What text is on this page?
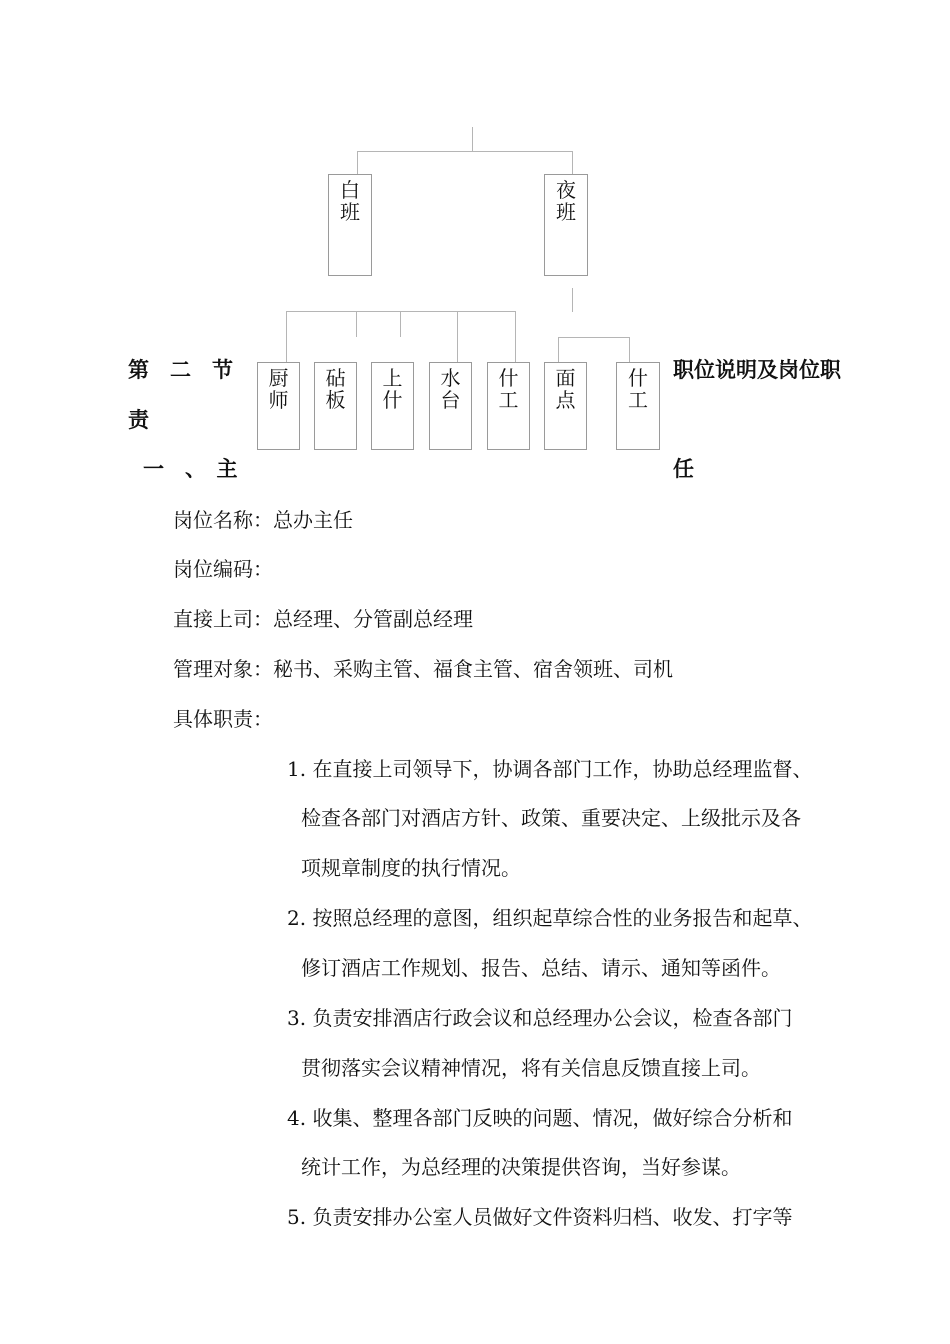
白
班
夜
班
厨
师
砧
板
上
什
水
台
什
工
面
点
什
工
第　二　节	职位说明及岗位职
责
一　、　主	任
岗位名称：总办主任
岗位编码：
直接上司：总经理、分管副总经理
管理对象：秘书、采购主管、福食主管、宿舍领班、司机
具体职责：
1. 在直接上司领导下，协调各部门工作，协助总经理监督、
检查各部门对酒店方针、政策、重要决定、上级批示及各
项规章制度的执行情况。
2. 按照总经理的意图，组织起草综合性的业务报告和起草、
修订酒店工作规划、报告、总结、请示、通知等函件。
3. 负责安排酒店行政会议和总经理办公会议，检查各部门
贯彻落实会议精神情况，将有关信息反馈直接上司。
4. 收集、整理各部门反映的问题、情况，做好综合分析和
统计工作，为总经理的决策提供咨询，当好参谋。
5. 负责安排办公室人员做好文件资料归档、收发、打字等
